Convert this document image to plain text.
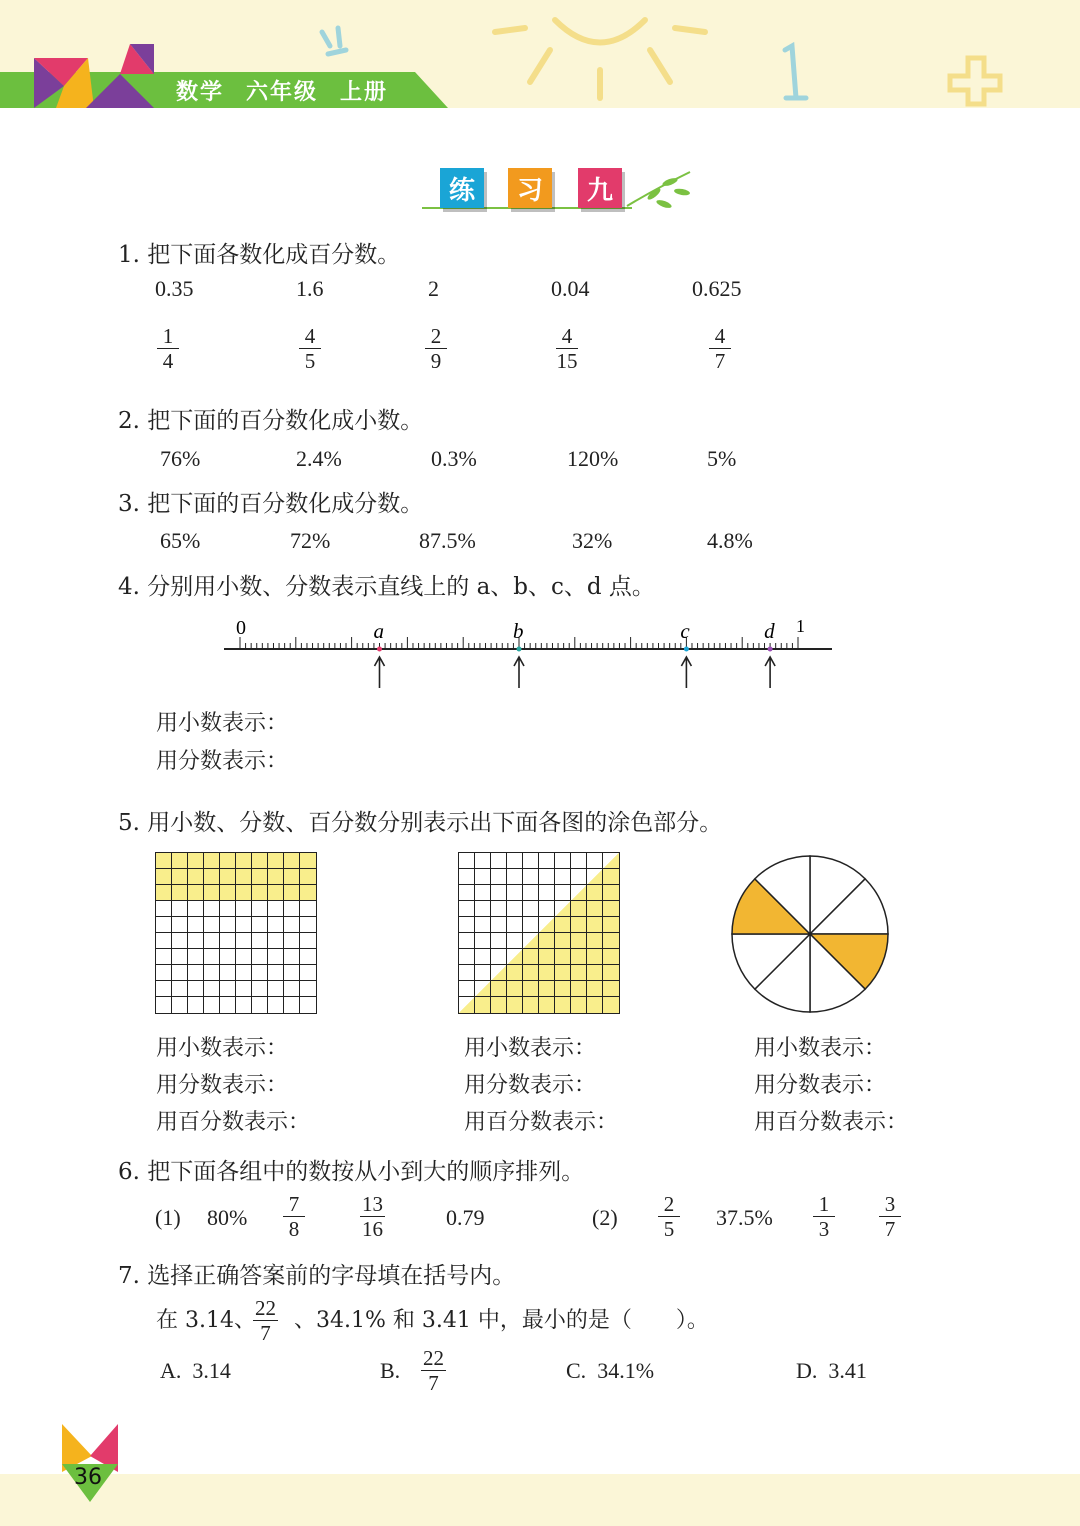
数学 六年级 上册
练	习	九
1. 把下面各数化成百分数。
0.35	1.6	2	0.04	0.625
$\frac{1}{4}$	$\frac{4}{5}$	$\frac{2}{9}$	$\frac{4}{15}$	$\frac{4}{7}$
2. 把下面的百分数化成小数。
76%	2.4%	0.3%	120%	5%
3. 把下面的百分数化成分数。
65%	72%	87.5%	32%	4.8%
4. 分别用小数、分数表示直线上的 a、b、c、d 点。
0	1
a	b	c	d
用小数表示：
用分数表示：
5. 用小数、分数、百分数分别表示出下面各图的涂色部分。
用小数表示：
用分数表示：
用百分数表示：
用小数表示：
用分数表示：
用百分数表示：
用小数表示：
用分数表示：
用百分数表示：
6. 把下面各组中的数按从小到大的顺序排列。
(1) $80\% \frac{7}{8}$	$\frac{13}{16}$	0.79	$(2) \frac{2}{5} 37.5\% \frac{1}{3} \frac{3}{7}$
7. 选择正确答案前的字母填在括号内。
在 3.14、
$\frac{22}{7}$ 、34.1% 和 3.41 中，最小的是（　　）。
A. 3.14	B. $\frac{22}{7}$	C. 34.1%	D. 3.41
36
